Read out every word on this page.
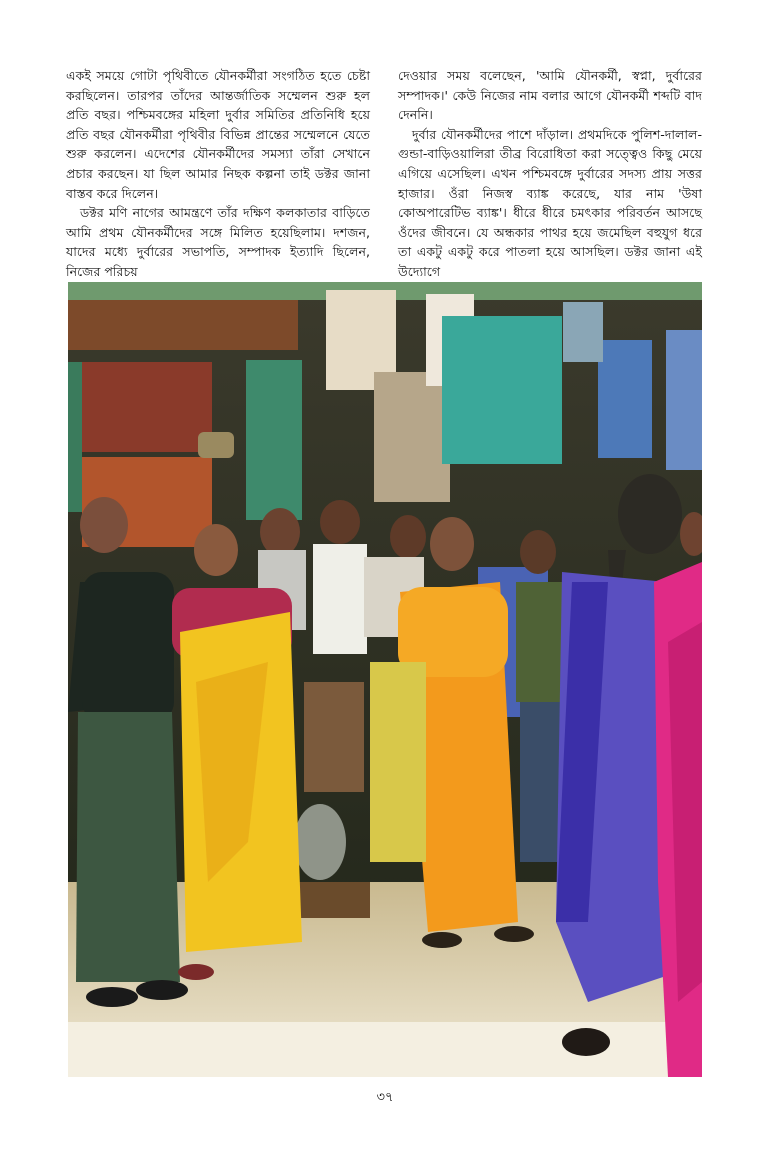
একই সময়ে গোটা পৃথিবীতে যৌনকর্মীরা সংগঠিত হতে চেষ্টা করছিলেন। তারপর তাঁদের আন্তর্জাতিক সম্মেলন শুরু হল প্রতি বছর। পশ্চিমবঙ্গের মহিলা দুর্বার সমিতির প্রতিনিধি হয়ে প্রতি বছর যৌনকর্মীরা পৃথিবীর বিভিন্ন প্রান্তের সম্মেলনে যেতে শুরু করলেন। এদেশের যৌনকর্মীদের সমস্যা তাঁরা সেখানে প্রচার করছেন। যা ছিল আমার নিছক কল্পনা তাই ডক্টর জানা বাস্তব করে দিলেন।

ডক্টর মণি নাগের আমন্ত্রণে তাঁর দক্ষিণ কলকাতার বাড়িতে আমি প্রথম যৌনকর্মীদের সঙ্গে মিলিত হয়েছিলাম। দশজন, যাদের মধ্যে দুর্বারের সভাপতি, সম্পাদক ইত্যাদি ছিলেন, নিজের পরিচয়

দেওয়ার সময় বলেছেন, 'আমি যৌনকর্মী, স্বপ্না, দুর্বারের সম্পাদক।' কেউ নিজের নাম বলার আগে যৌনকর্মী শব্দটি বাদ দেননি।

দুর্বার যৌনকর্মীদের পাশে দাঁড়াল। প্রথমদিকে পুলিশ-দালাল-গুন্ডা-বাড়িওয়ালিরা তীব্র বিরোধিতা করা সত্ত্বেও কিছু মেয়ে এগিয়ে এসেছিল। এখন পশ্চিমবঙ্গে দুর্বারের সদস্য প্রায় সত্তর হাজার। ওঁরা নিজস্ব ব্যাঙ্ক করেছে, যার নাম 'উষা কোঅপারেটিভ ব্যাঙ্ক'। ধীরে ধীরে চমৎকার পরিবর্তন আসছে ওঁদের জীবনে। যে অন্ধকার পাথর হয়ে জমেছিল বহুযুগ ধরে তা একটু একটু করে পাতলা হয়ে আসছিল। ডক্টর জানা এই উদ্যোগে

৩৭
